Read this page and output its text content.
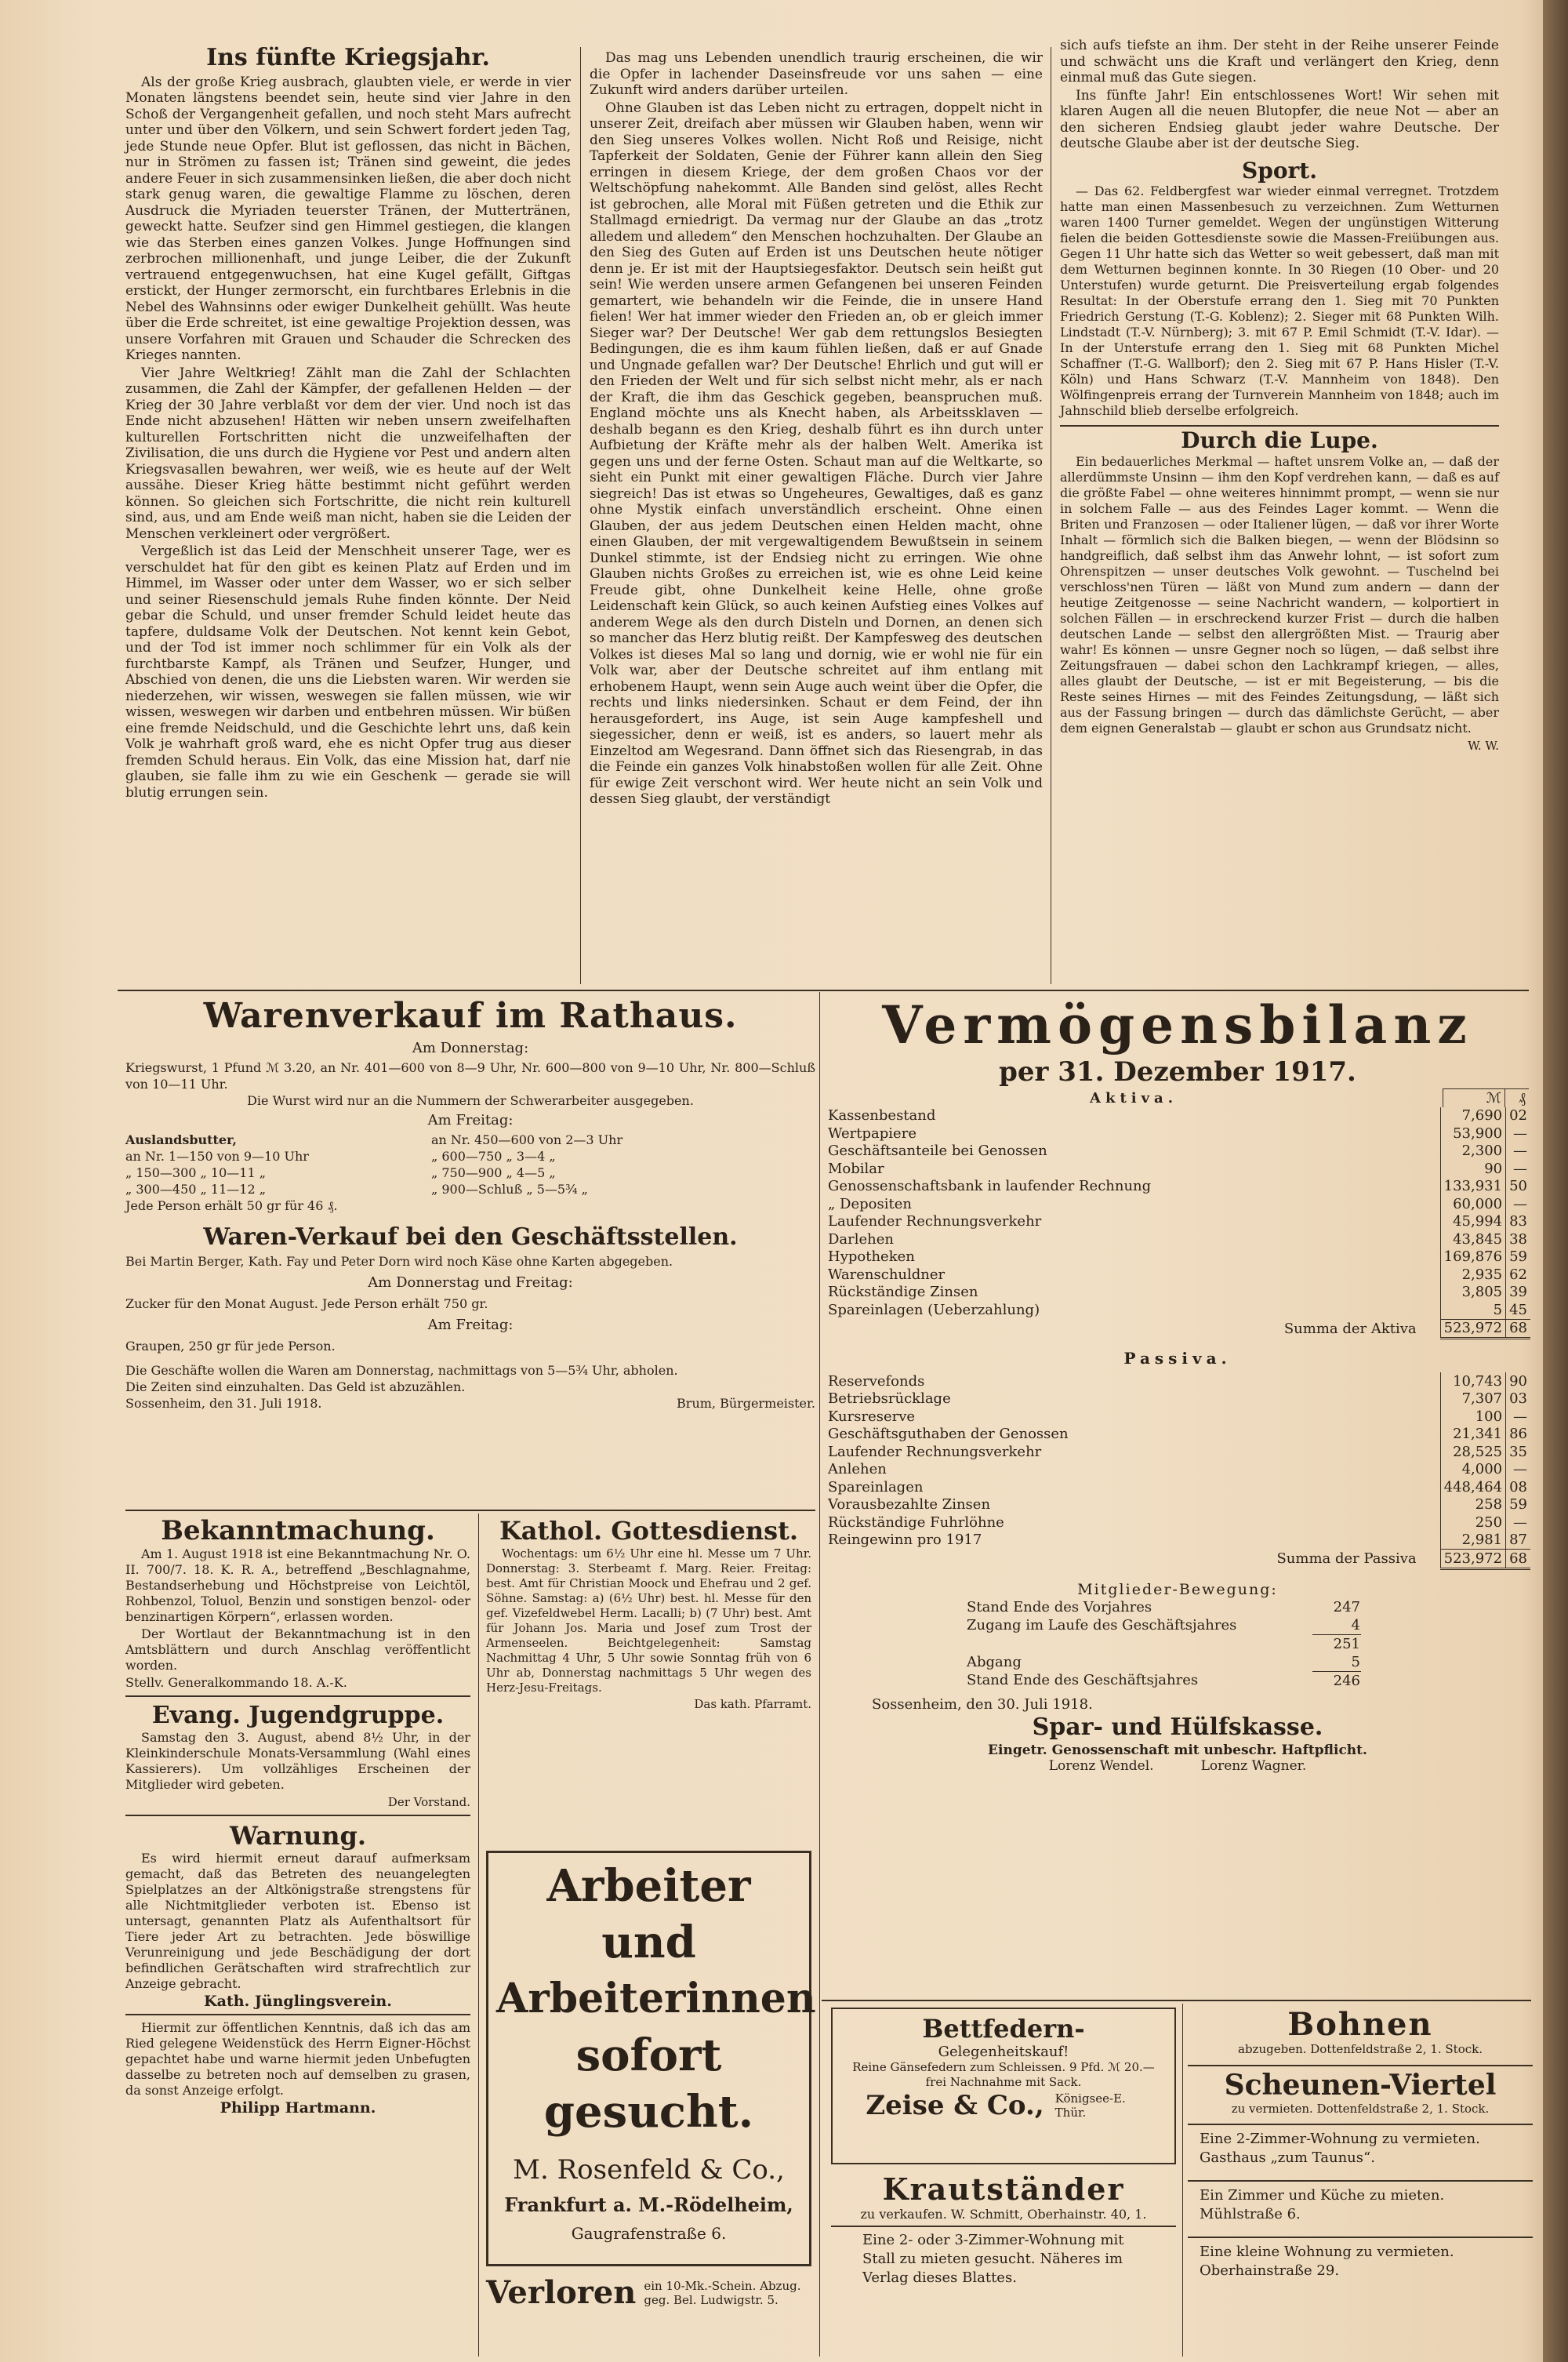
Ins fünfte Kriegsjahr.

Als der große Krieg ausbrach, glaubten viele, er werde in vier Monaten längstens beendet sein, heute sind vier Jahre in den Schoß der Vergangenheit gefallen, und noch steht Mars aufrecht unter und über den Völkern, und sein Schwert fordert jeden Tag, jede Stunde neue Opfer. Blut ist geflossen, das nicht in Bächen, nur in Strömen zu fassen ist; Tränen sind geweint, die jedes andere Feuer in sich zusammensinken ließen, die aber doch nicht stark genug waren, die gewaltige Flamme zu löschen, deren Ausdruck die Myriaden teuerster Tränen, der Muttertränen, geweckt hatte. Seufzer sind gen Himmel gestiegen, die klangen wie das Sterben eines ganzen Volkes. Junge Hoffnungen sind zerbrochen millionenhaft, und junge Leiber, die der Zukunft vertrauend entgegenwuchsen, hat eine Kugel gefällt, Giftgas erstickt, der Hunger zermorscht, ein furchtbares Erlebnis in die Nebel des Wahnsinns oder ewiger Dunkelheit gehüllt. Was heute über die Erde schreitet, ist eine gewaltige Projektion dessen, was unsere Vorfahren mit Grauen und Schauder die Schrecken des Krieges nannten.

Vier Jahre Weltkrieg! Zählt man die Zahl der Schlachten zusammen, die Zahl der Kämpfer, der gefallenen Helden — der Krieg der 30 Jahre verblaßt vor dem der vier. Und noch ist das Ende nicht abzusehen! Hätten wir neben unsern zweifelhaften kulturellen Fortschritten nicht die unzweifelhaften der Zivilisation, die uns durch die Hygiene vor Pest und andern alten Kriegsvasallen bewahren, wer weiß, wie es heute auf der Welt aussähe. Dieser Krieg hätte bestimmt nicht geführt werden können. So gleichen sich Fortschritte, die nicht rein kulturell sind, aus, und am Ende weiß man nicht, haben sie die Leiden der Menschen verkleinert oder vergrößert.

Vergeßlich ist das Leid der Menschheit unserer Tage, wer es verschuldet hat für den gibt es keinen Platz auf Erden und im Himmel, im Wasser oder unter dem Wasser, wo er sich selber und seiner Riesenschuld jemals Ruhe finden könnte. Der Neid gebar die Schuld, und unser fremder Schuld leidet heute das tapfere, duldsame Volk der Deutschen. Not kennt kein Gebot, und der Tod ist immer noch schlimmer für ein Volk als der furchtbarste Kampf, als Tränen und Seufzer, Hunger, und Abschied von denen, die uns die Liebsten waren. Wir werden sie niederzehen, wir wissen, weswegen sie fallen müssen, wie wir wissen, weswegen wir darben und entbehren müssen. Wir büßen eine fremde Neidschuld, und die Geschichte lehrt uns, daß kein Volk je wahrhaft groß ward, ehe es nicht Opfer trug aus dieser fremden Schuld heraus. Ein Volk, das eine Mission hat, darf nie glauben, sie falle ihm zu wie ein Geschenk — gerade sie will blutig errungen sein.

Das mag uns Lebenden unendlich traurig erscheinen, die wir die Opfer in lachender Daseinsfreude vor uns sahen — eine Zukunft wird anders darüber urteilen.

Ohne Glauben ist das Leben nicht zu ertragen, doppelt nicht in unserer Zeit, dreifach aber müssen wir Glauben haben, wenn wir den Sieg unseres Volkes wollen. Nicht Roß und Reisige, nicht Tapferkeit der Soldaten, Genie der Führer kann allein den Sieg erringen in diesem Kriege, der dem großen Chaos vor der Weltschöpfung nahekommt. Alle Banden sind gelöst, alles Recht ist gebrochen, alle Moral mit Füßen getreten und die Ethik zur Stallmagd erniedrigt. Da vermag nur der Glaube an das „trotz alledem und alledem“ den Menschen hochzuhalten. Der Glaube an den Sieg des Guten auf Erden ist uns Deutschen heute nötiger denn je. Er ist mit der Hauptsiegesfaktor. Deutsch sein heißt gut sein! Wie werden unsere armen Gefangenen bei unseren Feinden gemartert, wie behandeln wir die Feinde, die in unsere Hand fielen! Wer hat immer wieder den Frieden an, ob er gleich immer Sieger war? Der Deutsche! Wer gab dem rettungslos Besiegten Bedingungen, die es ihm kaum fühlen ließen, daß er auf Gnade und Ungnade gefallen war? Der Deutsche! Ehrlich und gut will er den Frieden der Welt und für sich selbst nicht mehr, als er nach der Kraft, die ihm das Geschick gegeben, beanspruchen muß. England möchte uns als Knecht haben, als Arbeitssklaven — deshalb begann es den Krieg, deshalb führt es ihn durch unter Aufbietung der Kräfte mehr als der halben Welt. Amerika ist gegen uns und der ferne Osten. Schaut man auf die Weltkarte, so sieht ein Punkt mit einer gewaltigen Fläche. Durch vier Jahre siegreich! Das ist etwas so Ungeheures, Gewaltiges, daß es ganz ohne Mystik einfach unverständlich erscheint. Ohne einen Glauben, der aus jedem Deutschen einen Helden macht, ohne einen Glauben, der mit vergewaltigendem Bewußtsein in seinem Dunkel stimmte, ist der Endsieg nicht zu erringen. Wie ohne Glauben nichts Großes zu erreichen ist, wie es ohne Leid keine Freude gibt, ohne Dunkelheit keine Helle, ohne große Leidenschaft kein Glück, so auch keinen Aufstieg eines Volkes auf anderem Wege als den durch Disteln und Dornen, an denen sich so mancher das Herz blutig reißt. Der Kampfesweg des deutschen Volkes ist dieses Mal so lang und dornig, wie er wohl nie für ein Volk war, aber der Deutsche schreitet auf ihm entlang mit erhobenem Haupt, wenn sein Auge auch weint über die Opfer, die rechts und links niedersinken. Schaut er dem Feind, der ihn herausgefordert, ins Auge, ist sein Auge kampfeshell und siegessicher, denn er weiß, ist es anders, so lauert mehr als Einzeltod am Wegesrand. Dann öffnet sich das Riesengrab, in das die Feinde ein ganzes Volk hinabstoßen wollen für alle Zeit. Ohne für ewige Zeit verschont wird. Wer heute nicht an sein Volk und dessen Sieg glaubt, der verständigt

sich aufs tiefste an ihm. Der steht in der Reihe unserer Feinde und schwächt uns die Kraft und verlängert den Krieg, denn einmal muß das Gute siegen.

Ins fünfte Jahr! Ein entschlossenes Wort! Wir sehen mit klaren Augen all die neuen Blutopfer, die neue Not — aber an den sicheren Endsieg glaubt jeder wahre Deutsche. Der deutsche Glaube aber ist der deutsche Sieg.

Sport.

— Das 62. Feldbergfest war wieder einmal verregnet. Trotzdem hatte man einen Massenbesuch zu verzeichnen. Zum Wetturnen waren 1400 Turner gemeldet. Wegen der ungünstigen Witterung fielen die beiden Gottesdienste sowie die Massen-Freiübungen aus. Gegen 11 Uhr hatte sich das Wetter so weit gebessert, daß man mit dem Wetturnen beginnen konnte. In 30 Riegen (10 Ober- und 20 Unterstufen) wurde geturnt. Die Preisverteilung ergab folgendes Resultat: In der Oberstufe errang den 1. Sieg mit 70 Punkten Friedrich Gerstung (T.-G. Koblenz); 2. Sieger mit 68 Punkten Wilh. Lindstadt (T.-V. Nürnberg); 3. mit 67 P. Emil Schmidt (T.-V. Idar). — In der Unterstufe errang den 1. Sieg mit 68 Punkten Michel Schaffner (T.-G. Wallborf); den 2. Sieg mit 67 P. Hans Hisler (T.-V. Köln) und Hans Schwarz (T.-V. Mannheim von 1848). Den Wölfingenpreis errang der Turnverein Mannheim von 1848; auch im Jahnschild blieb derselbe erfolgreich.

Durch die Lupe.

Ein bedauerliches Merkmal — haftet unsrem Volke an, — daß der allerdümmste Unsinn — ihm den Kopf verdrehen kann, — daß es auf die größte Fabel — ohne weiteres hinnimmt prompt, — wenn sie nur in solchem Falle — aus des Feindes Lager kommt. — Wenn die Briten und Franzosen — oder Italiener lügen, — daß vor ihrer Worte Inhalt — förmlich sich die Balken biegen, — wenn der Blödsinn so handgreiflich, daß selbst ihm das Anwehr lohnt, — ist sofort zum Ohrenspitzen — unser deutsches Volk gewohnt. — Tuschelnd bei verschloss'nen Türen — läßt von Mund zum andern — dann der heutige Zeitgenosse — seine Nachricht wandern, — kolportiert in solchen Fällen — in erschreckend kurzer Frist — durch die halben deutschen Lande — selbst den allergrößten Mist. — Traurig aber wahr! Es können — unsre Gegner noch so lügen, — daß selbst ihre Zeitungsfrauen — dabei schon den Lachkrampf kriegen, — alles, alles glaubt der Deutsche, — ist er mit Begeisterung, — bis die Reste seines Hirnes — mit des Feindes Zeitungsdung, — läßt sich aus der Fassung bringen — durch das dämlichste Gerücht, — aber dem eignen Generalstab — glaubt er schon aus Grundsatz nicht.

W. W.
Warenverkauf im Rathaus.
Am Donnerstag:
Kriegswurst, 1 Pfund ℳ 3.20, an Nr. 401—600 von 8—9 Uhr, Nr. 600—800 von 9—10 Uhr, Nr. 800—Schluß von 10—11 Uhr.
Die Wurst wird nur an die Nummern der Schwerarbeiter ausgegeben.
Am Freitag:
Auslandsbutter,
an Nr. 1—150 von 9—10 Uhr
„ 150—300 „ 10—11 „
„ 300—450 „ 11—12 „
an Nr. 450—600 von 2—3 Uhr
„ 600—750 „ 3—4 „
„ 750—900 „ 4—5 „
„ 900—Schluß „ 5—5³⁄₄ „
Jede Person erhält 50 gr für 46 ₰.
Waren-Verkauf bei den Geschäftsstellen.
Bei Martin Berger, Kath. Fay und Peter Dorn wird noch Käse ohne Karten abgegeben.
Am Donnerstag und Freitag:
Zucker für den Monat August. Jede Person erhält 750 gr.
Am Freitag:
Graupen, 250 gr für jede Person.
Die Geschäfte wollen die Waren am Donnerstag, nachmittags von 5—5³⁄₄ Uhr, abholen.
Die Zeiten sind einzuhalten. Das Geld ist abzuzählen.
Sossenheim, den 31. Juli 1918.	Brum, Bürgermeister.
Vermögensbilanz
per 31. Dezember 1917.
Aktiva.	ℳ	₰
Kassenbestand	7,690	02
Wertpapiere	53,900	—
Geschäftsanteile bei Genossen	2,300	—
Mobilar	90	—
Genossenschaftsbank in laufender Rechnung	133,931	50
„ Depositen	60,000	—
Laufender Rechnungsverkehr	45,994	83
Darlehen	43,845	38
Hypotheken	169,876	59
Warenschuldner	2,935	62
Rückständige Zinsen	3,805	39
Spareinlagen (Ueberzahlung)	5	45
Summa der Aktiva	523,972	68
Passiva.
Reservefonds	10,743	90
Betriebsrücklage	7,307	03
Kursreserve	100	—
Geschäftsguthaben der Genossen	21,341	86
Laufender Rechnungsverkehr	28,525	35
Anlehen	4,000	—
Spareinlagen	448,464	08
Vorausbezahlte Zinsen	258	59
Rückständige Fuhrlöhne	250	—
Reingewinn pro 1917	2,981	87
Summa der Passiva	523,972	68
Mitglieder-Bewegung:
Stand Ende des Vorjahres	247
Zugang im Laufe des Geschäftsjahres	4
	251
Abgang	5
Stand Ende des Geschäftsjahres	246
Sossenheim, den 30. Juli 1918.
Spar- und Hülfskasse.
Eingetr. Genossenschaft mit unbeschr. Haftpflicht.
Lorenz Wendel.	Lorenz Wagner.
Bekanntmachung.

Am 1. August 1918 ist eine Bekanntmachung Nr. O. II. 700/7. 18. K. R. A., betreffend „Beschlagnahme, Bestandserhebung und Höchstpreise von Leichtöl, Rohbenzol, Toluol, Benzin und sonstigen benzol- oder benzinartigen Körpern“, erlassen worden.

Der Wortlaut der Bekanntmachung ist in den Amtsblättern und durch Anschlag veröffentlicht worden.

Stellv. Generalkommando 18. A.-K.
Evang. Jugendgruppe.

Samstag den 3. August, abend 8½ Uhr, in der Kleinkinderschule Monats-Versammlung (Wahl eines Kassierers). Um vollzähliges Erscheinen der Mitglieder wird gebeten.

Der Vorstand.
Warnung.

Es wird hiermit erneut darauf aufmerksam gemacht, daß das Betreten des neuangelegten Spielplatzes an der Altkönigstraße strengstens für alle Nichtmitglieder verboten ist. Ebenso ist untersagt, genannten Platz als Aufenthaltsort für Tiere jeder Art zu betrachten. Jede böswillige Verunreinigung und jede Beschädigung der dort befindlichen Gerätschaften wird strafrechtlich zur Anzeige gebracht.

Kath. Jünglingsverein.

Hiermit zur öffentlichen Kenntnis, daß ich das am Ried gelegene Weidenstück des Herrn Eigner-Höchst gepachtet habe und warne hiermit jeden Unbefugten dasselbe zu betreten noch auf demselben zu grasen, da sonst Anzeige erfolgt.

Philipp Hartmann.
Kathol. Gottesdienst.

Wochentags: um 6½ Uhr eine hl. Messe um 7 Uhr. Donnerstag: 3. Sterbeamt f. Marg. Reier. Freitag: best. Amt für Christian Moock und Ehefrau und 2 gef. Söhne. Samstag: a) (6½ Uhr) best. hl. Messe für den gef. Vizefeldwebel Herm. Lacalli; b) (7 Uhr) best. Amt für Johann Jos. Maria und Josef zum Trost der Armenseelen. Beichtgelegenheit: Samstag Nachmittag 4 Uhr, 5 Uhr sowie Sonntag früh von 6 Uhr ab, Donnerstag nachmittags 5 Uhr wegen des Herz-Jesu-Freitags.

Das kath. Pfarramt.
Arbeiter und
Arbeiterinnen
sofort gesucht.
M. Rosenfeld & Co.,
Frankfurt a. M.-Rödelheim,
Gaugrafenstraße 6.
Verloren ein 10-Mk.-Schein. Abzug. geg. Bel. Ludwigstr. 5.
Bettfedern-
Gelegenheitskauf!
Reine Gänsefedern zum Schleissen. 9 Pfd. ℳ 20.— frei Nachnahme mit Sack.
Zeise & Co., Königsee-E. Thür.
Krautständer
zu verkaufen. W. Schmitt, Oberhainstr. 40, 1.
Eine 2- oder 3-Zimmer-Wohnung mit Stall zu mieten gesucht. Näheres im Verlag dieses Blattes.
Bohnen
abzugeben. Dottenfeldstraße 2, 1. Stock.
Scheunen-Viertel
zu vermieten. Dottenfeldstraße 2, 1. Stock.
Eine 2-Zimmer-Wohnung zu vermieten. Gasthaus „zum Taunus“.
Ein Zimmer und Küche zu mieten. Mühlstraße 6.
Eine kleine Wohnung zu vermieten. Oberhainstraße 29.
